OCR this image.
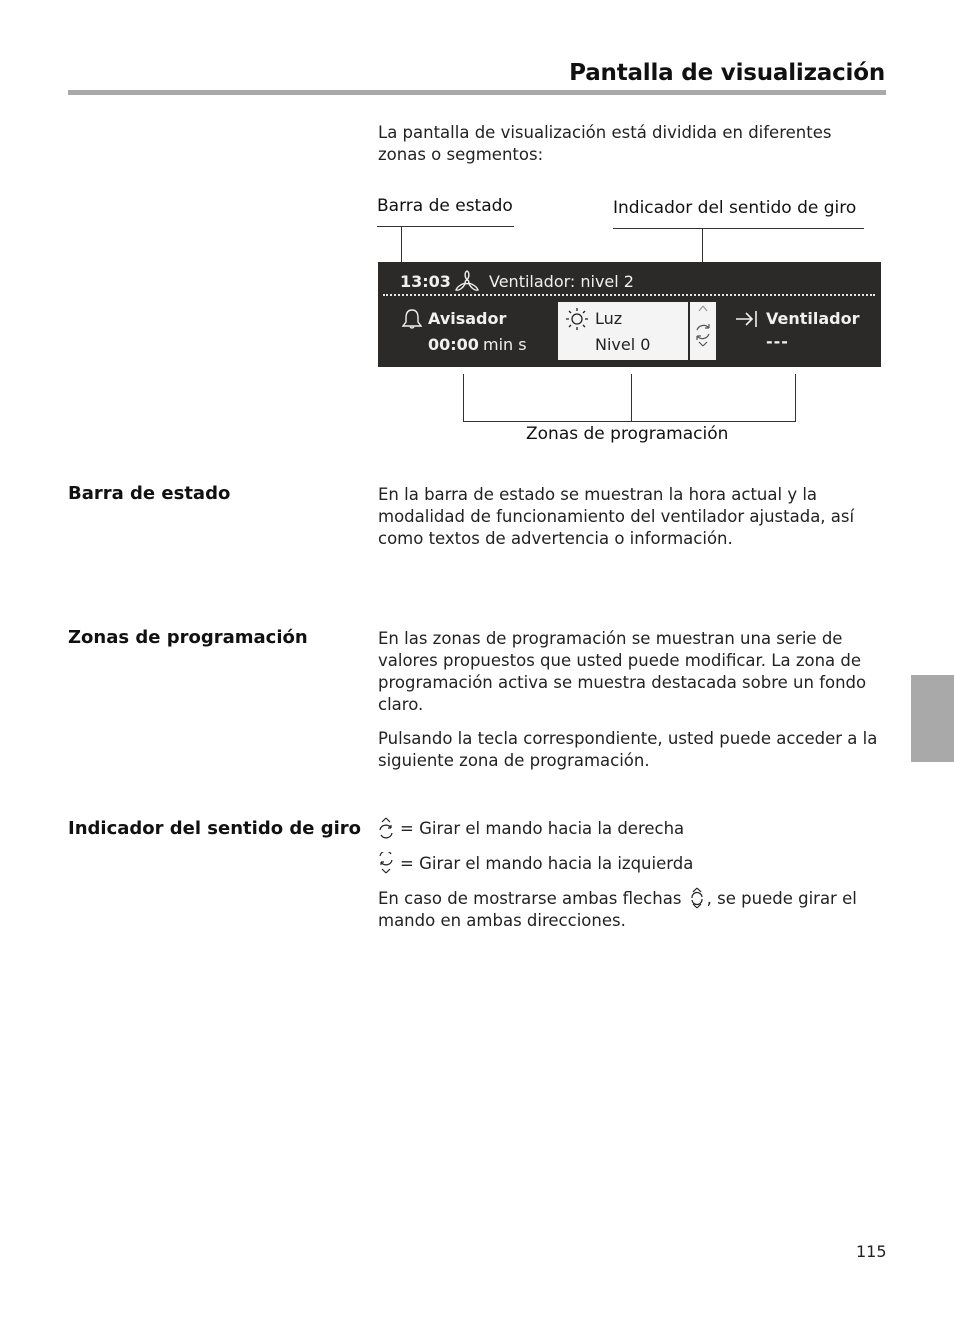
Pantalla de visualización
La pantalla de visualización está dividida en diferentes zonas o segmentos:
Barra de estado	Indicador del sentido de giro
13:03 Ventilador: nivel 2
Avisador
00:00 min s
Luz
Nivel 0
Ventilador
---
Zonas de programación
Barra de estado	En la barra de estado se muestran la hora actual y la modalidad de funcionamiento del ventilador ajustada, así como textos de advertencia o información.
Zonas de programación	En las zonas de programación se muestran una serie de valores propuestos que usted puede modificar. La zona de programación activa se muestra destacada sobre un fondo claro.
Pulsando la tecla correspondiente, usted puede acceder a la siguiente zona de programación.
Indicador del sentido de giro = Girar el mando hacia la derecha
= Girar el mando hacia la izquierda
En caso de mostrarse ambas flechas , se puede girar el mando en ambas direcciones.
115
